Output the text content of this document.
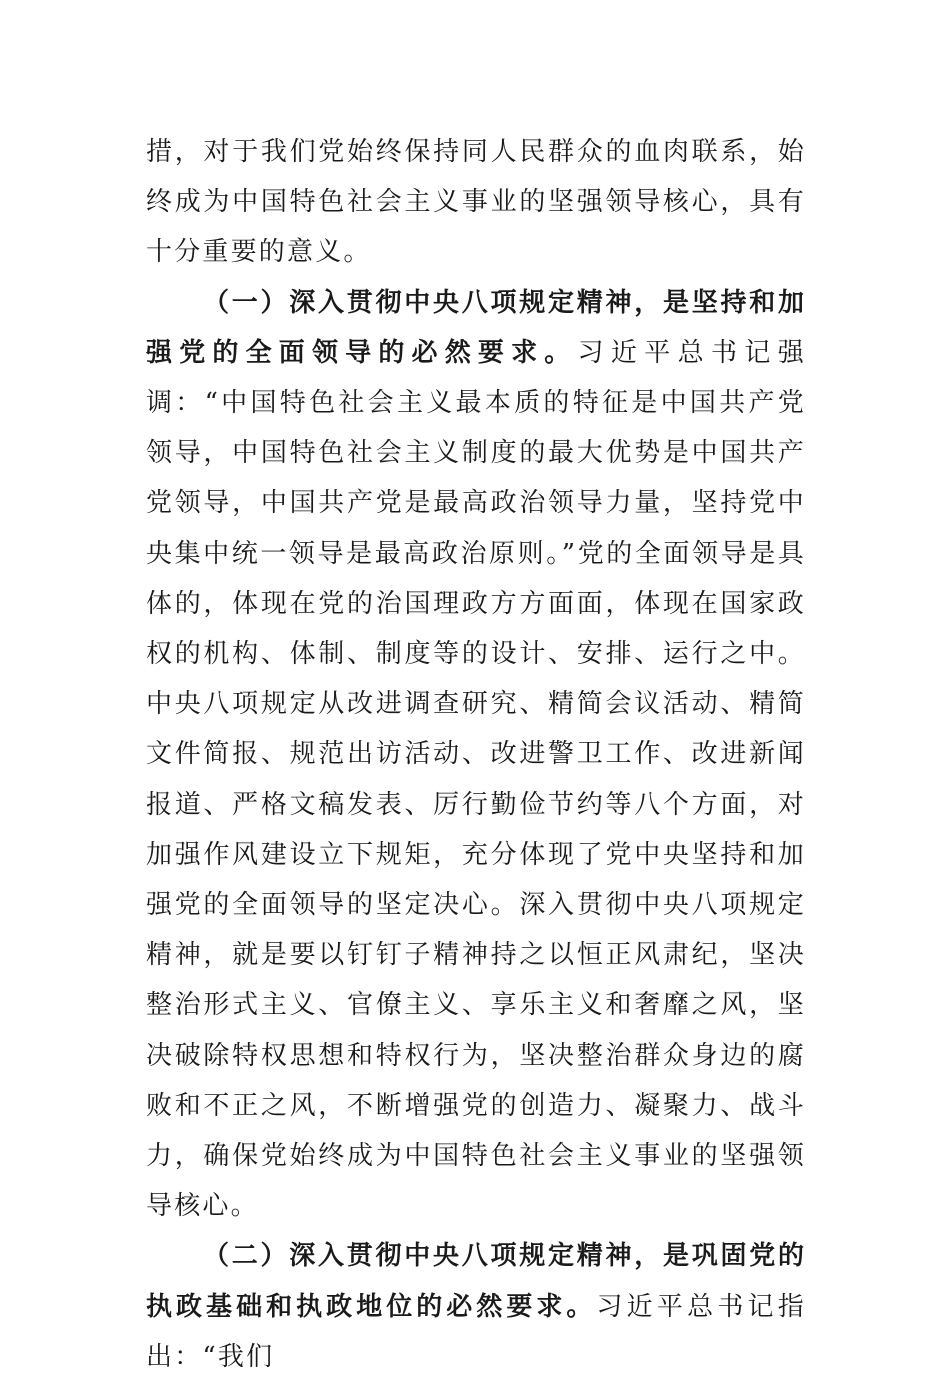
措，对于我们党始终保持同人民群众的血肉联系，始终成为中国特色社会主义事业的坚强领导核心，具有十分重要的意义。

（一）深入贯彻中央八项规定精神，是坚持和加强党的全面领导的必然要求。习近平总书记强调：“中国特色社会主义最本质的特征是中国共产党领导，中国特色社会主义制度的最大优势是中国共产党领导，中国共产党是最高政治领导力量，坚持党中央集中统一领导是最高政治原则。”党的全面领导是具体的，体现在党的治国理政方方面面，体现在国家政权的机构、体制、制度等的设计、安排、运行之中。中央八项规定从改进调查研究、精简会议活动、精简文件简报、规范出访活动、改进警卫工作、改进新闻报道、严格文稿发表、厉行勤俭节约等八个方面，对加强作风建设立下规矩，充分体现了党中央坚持和加强党的全面领导的坚定决心。深入贯彻中央八项规定精神，就是要以钉钉子精神持之以恒正风肃纪，坚决整治形式主义、官僚主义、享乐主义和奢靡之风，坚决破除特权思想和特权行为，坚决整治群众身边的腐败和不正之风，不断增强党的创造力、凝聚力、战斗力，确保党始终成为中国特色社会主义事业的坚强领导核心。

（二）深入贯彻中央八项规定精神，是巩固党的执政基础和执政地位的必然要求。习近平总书记指出：“我们
